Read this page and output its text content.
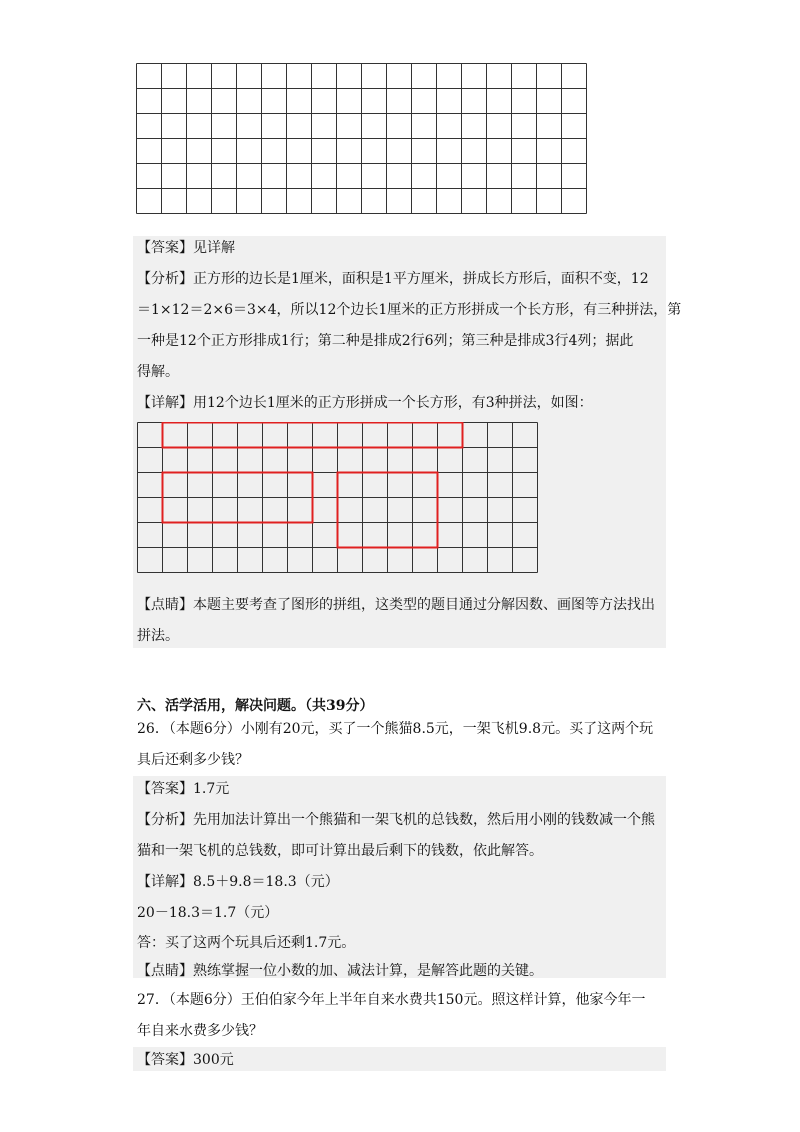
【答案】见详解
【分析】正方形的边长是1厘米，面积是1平方厘米，拼成长方形后，面积不变，12
＝1×12＝2×6＝3×4，所以12个边长1厘米的正方形拼成一个长方形，有三种拼法，第
一种是12个正方形排成1行；第二种是排成2行6列；第三种是排成3行4列；据此
得解。
【详解】用12个边长1厘米的正方形拼成一个长方形，有3种拼法，如图：
【点睛】本题主要考查了图形的拼组，这类型的题目通过分解因数、画图等方法找出
拼法。
六、活学活用，解决问题。（共39分）
26．（本题6分）小刚有20元，买了一个熊猫8.5元，一架飞机9.8元。买了这两个玩
具后还剩多少钱？
【答案】1.7元
【分析】先用加法计算出一个熊猫和一架飞机的总钱数，然后用小刚的钱数减一个熊
猫和一架飞机的总钱数，即可计算出最后剩下的钱数，依此解答。
【详解】8.5＋9.8＝18.3（元）
20－18.3＝1.7（元）
答：买了这两个玩具后还剩1.7元。
【点睛】熟练掌握一位小数的加、减法计算，是解答此题的关键。
27．（本题6分）王伯伯家今年上半年自来水费共150元。照这样计算，他家今年一
年自来水费多少钱？
【答案】300元
